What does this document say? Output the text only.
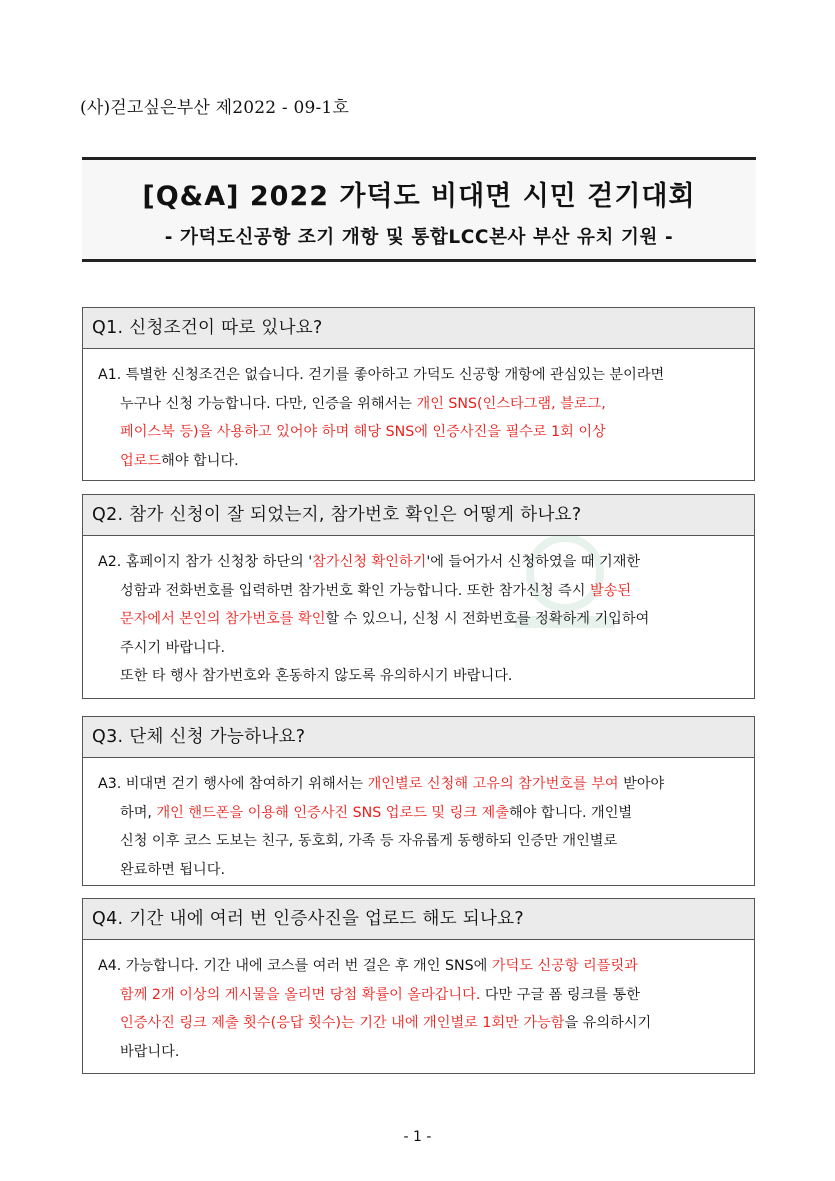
(사)걷고싶은부산 제2022 - 09-1호
[Q&A] 2022 가덕도 비대면 시민 걷기대회
- 가덕도신공항 조기 개항 및 통합LCC본사 부산 유치 기원 -
Q1. 신청조건이 따로 있나요?

A1. 특별한 신청조건은 없습니다. 걷기를 좋아하고 가덕도 신공항 개항에 관심있는 분이라면

누구나 신청 가능합니다. 다만, 인증을 위해서는 개인 SNS(인스타그램, 블로그,

페이스북 등)을 사용하고 있어야 하며 해당 SNS에 인증사진을 필수로 1회 이상

업로드해야 합니다.

Q2. 참가 신청이 잘 되었는지, 참가번호 확인은 어떻게 하나요?

A2. 홈페이지 참가 신청창 하단의 '참가신청 확인하기'에 들어가서 신청하였을 때 기재한

성함과 전화번호를 입력하면 참가번호 확인 가능합니다. 또한 참가신청 즉시 발송된

문자에서 본인의 참가번호를 확인할 수 있으니, 신청 시 전화번호를 정확하게 기입하여

주시기 바랍니다.

또한 타 행사 참가번호와 혼동하지 않도록 유의하시기 바랍니다.

Q3. 단체 신청 가능하나요?

A3. 비대면 걷기 행사에 참여하기 위해서는 개인별로 신청해 고유의 참가번호를 부여 받아야

하며, 개인 핸드폰을 이용해 인증사진 SNS 업로드 및 링크 제출해야 합니다. 개인별

신청 이후 코스 도보는 친구, 동호회, 가족 등 자유롭게 동행하되 인증만 개인별로

완료하면 됩니다.

Q4. 기간 내에 여러 번 인증사진을 업로드 해도 되나요?

A4. 가능합니다. 기간 내에 코스를 여러 번 걸은 후 개인 SNS에 가덕도 신공항 리플릿과

함께 2개 이상의 게시물을 올리면 당첨 확률이 올라갑니다. 다만 구글 폼 링크를 통한

인증사진 링크 제출 횟수(응답 횟수)는 기간 내에 개인별로 1회만 가능함을 유의하시기

바랍니다.

- 1 -
